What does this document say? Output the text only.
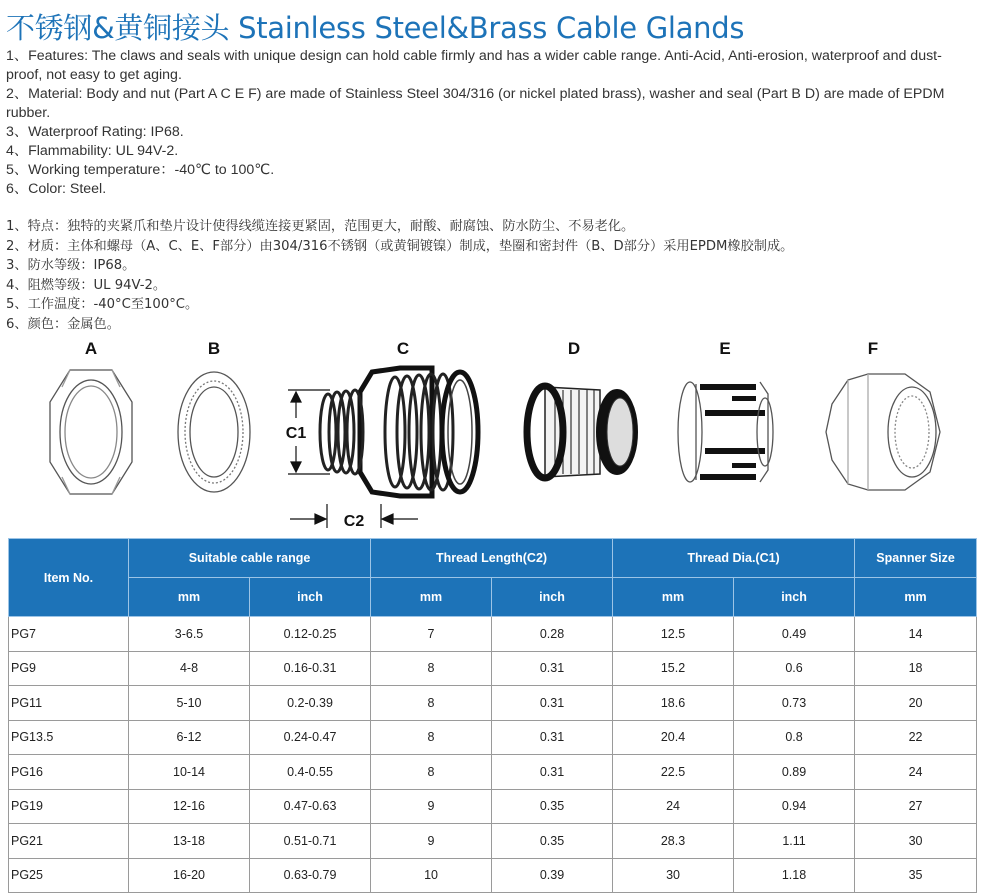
不锈钢&黄铜接头 Stainless Steel&Brass Cable Glands

1、Features: The claws and seals with unique design can hold cable firmly and has a wider cable range. Anti-Acid, Anti-erosion, waterproof and dust-proof, not easy to get aging.

2、Material: Body and nut (Part A C E F) are made of Stainless Steel 304/316 (or nickel plated brass), washer and seal (Part B D) are made of EPDM rubber.

3、Waterproof Rating: IP68.

4、Flammability: UL 94V-2.

5、Working temperature：-40℃ to 100℃.

6、Color: Steel.

1、特点：独特的夹紧爪和垫片设计使得线缆连接更紧固，范围更大，耐酸、耐腐蚀、防水防尘、不易老化。

2、材质：主体和螺母（A、C、E、F部分）由304/316不锈钢（或黄铜镀镍）制成，垫圈和密封件（B、D部分）采用EPDM橡胶制成。

3、防水等级：IP68。

4、阻燃等级：UL 94V-2。

5、工作温度：-40°C至100°C。

6、颜色：金属色。

A	B	C	D	E	F
C1
C2
Item No.	Suitable cable range		Thread Length(C2)		Thread Dia.(C1)		Spanner Size
	mm	inch	mm	inch	mm	inch	mm
PG7	3-6.5	0.12-0.25	7	0.28	12.5	0.49	14
PG9	4-8	0.16-0.31	8	0.31	15.2	0.6	18
PG11	5-10	0.2-0.39	8	0.31	18.6	0.73	20
PG13.5	6-12	0.24-0.47	8	0.31	20.4	0.8	22
PG16	10-14	0.4-0.55	8	0.31	22.5	0.89	24
PG19	12-16	0.47-0.63	9	0.35	24	0.94	27
PG21	13-18	0.51-0.71	9	0.35	28.3	1.11	30
PG25	16-20	0.63-0.79	10	0.39	30	1.18	35
